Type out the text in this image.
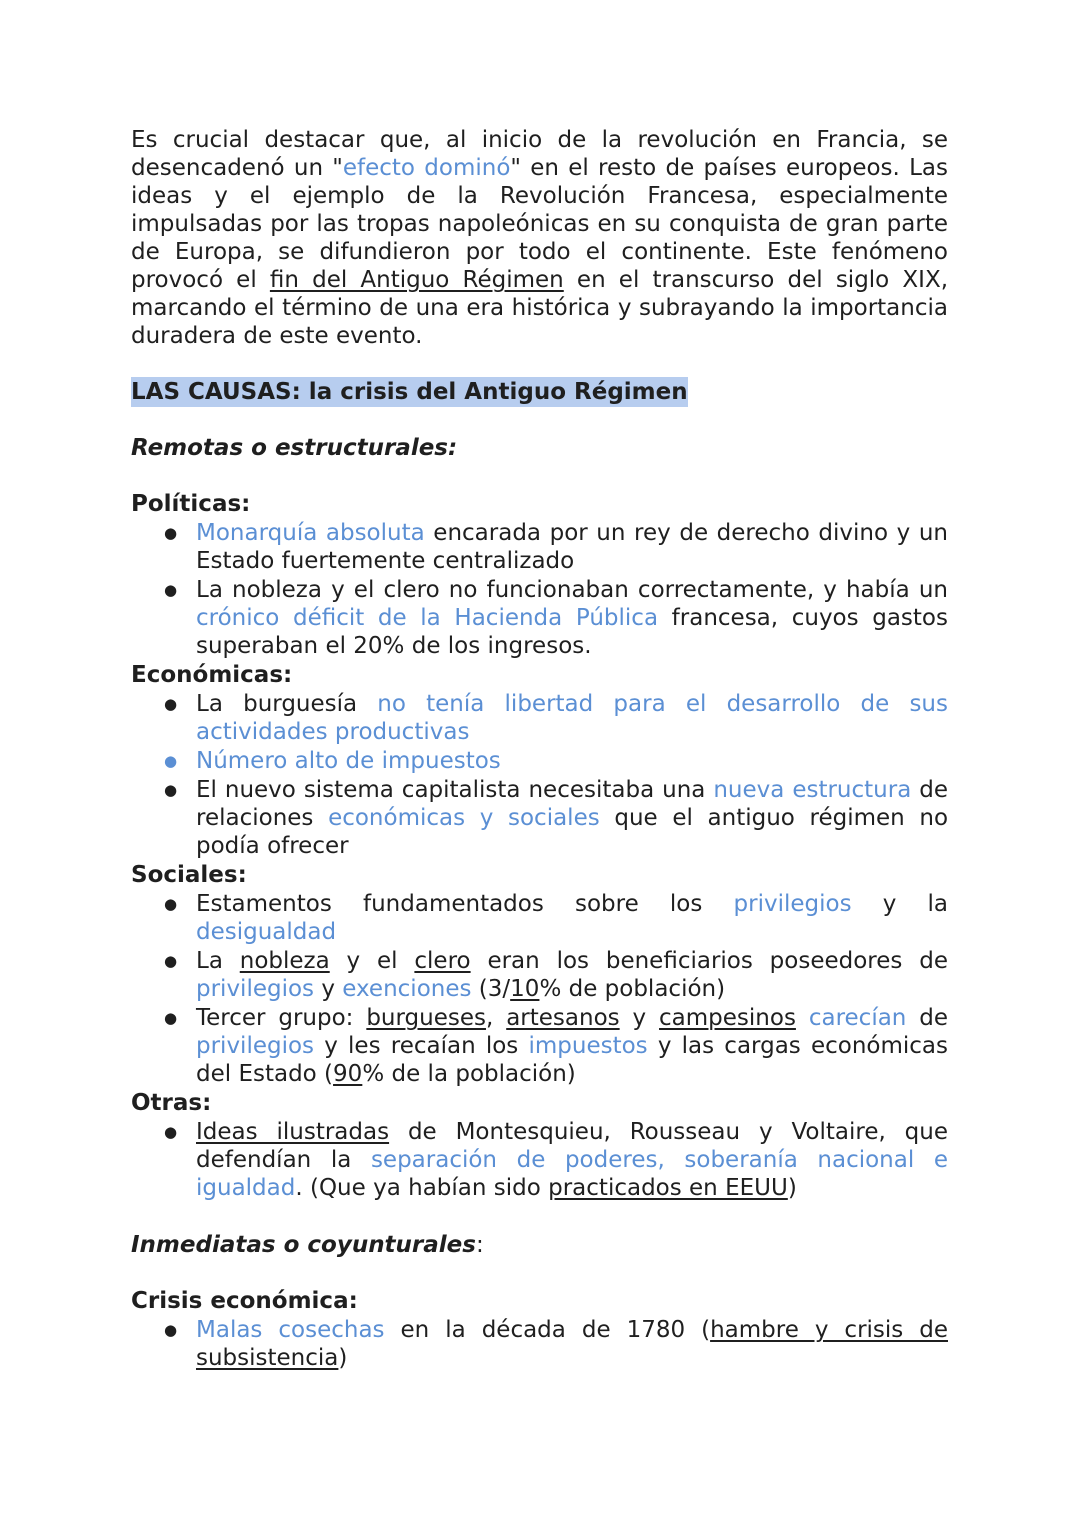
Es crucial destacar que, al inicio de la revolución en Francia, se desencadenó un "efecto dominó" en el resto de países europeos. Las ideas y el ejemplo de la Revolución Francesa, especialmente impulsadas por las tropas napoleónicas en su conquista de gran parte de Europa, se difundieron por todo el continente. Este fenómeno provocó el fin del Antiguo Régimen en el transcurso del siglo XIX, marcando el término de una era histórica y subrayando la importancia duradera de este evento.

LAS CAUSAS: la crisis del Antiguo Régimen

Remotas o estructurales:

Políticas:

● Monarquía absoluta encarada por un rey de derecho divino y un Estado fuertemente centralizado
● La nobleza y el clero no funcionaban correctamente, y había un crónico déficit de la Hacienda Pública francesa, cuyos gastos superaban el 20% de los ingresos.

Económicas:

● La burguesía no tenía libertad para el desarrollo de sus actividades productivas
● Número alto de impuestos
● El nuevo sistema capitalista necesitaba una nueva estructura de relaciones económicas y sociales que el antiguo régimen no podía ofrecer

Sociales:

● Estamentos fundamentados sobre los privilegios y la desigualdad
● La nobleza y el clero eran los beneficiarios poseedores de privilegios y exenciones (3/10% de población)
● Tercer grupo: burgueses, artesanos y campesinos carecían de privilegios y les recaían los impuestos y las cargas económicas del Estado (90% de la población)

Otras:

● Ideas ilustradas de Montesquieu, Rousseau y Voltaire, que defendían la separación de poderes, soberanía nacional e igualdad. (Que ya habían sido practicados en EEUU)

Inmediatas o coyunturales:

Crisis económica:

● Malas cosechas en la década de 1780 (hambre y crisis de subsistencia)
